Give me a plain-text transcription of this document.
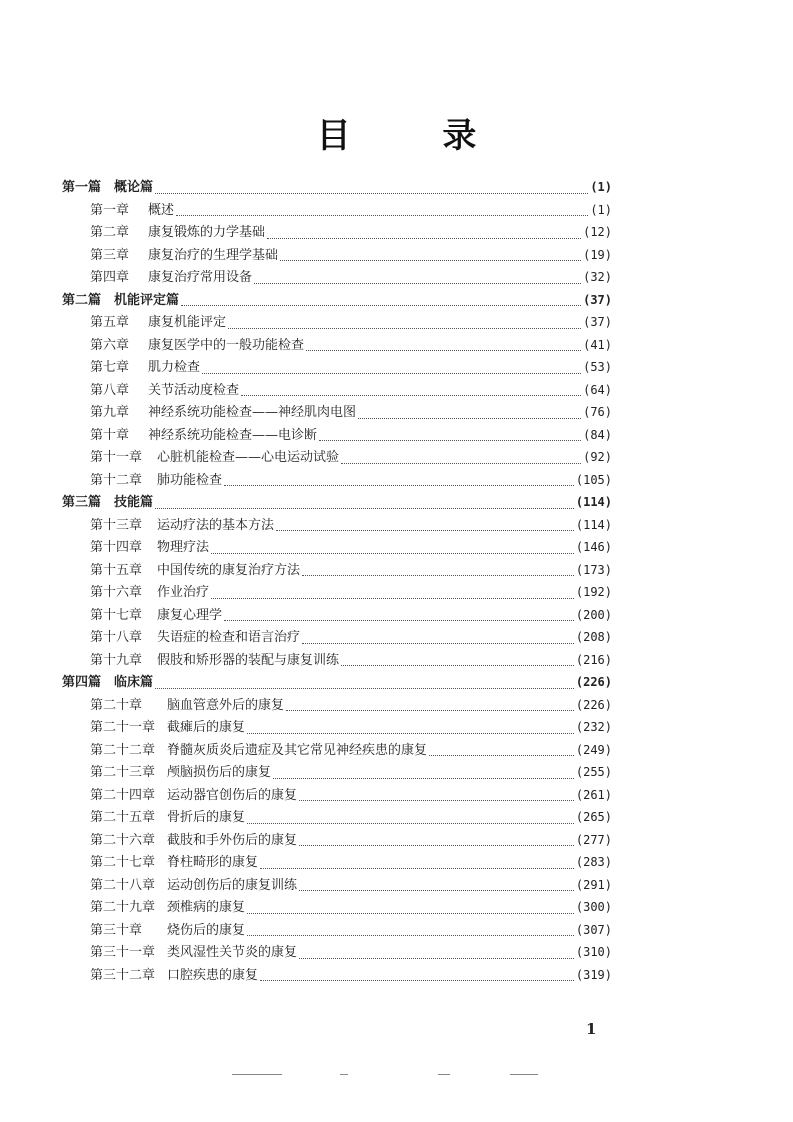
目 录
第一篇 概论篇	(1)
第一章	概述	(1)
第二章	康复锻炼的力学基础	(12)
第三章	康复治疗的生理学基础	(19)
第四章	康复治疗常用设备	(32)
第二篇 机能评定篇	(37)
第五章	康复机能评定	(37)
第六章	康复医学中的一般功能检查	(41)
第七章	肌力检查	(53)
第八章	关节活动度检查	(64)
第九章	神经系统功能检查——神经肌肉电图	(76)
第十章	神经系统功能检查——电诊断	(84)
第十一章	心脏机能检查——心电运动试验	(92)
第十二章	肺功能检查	(105)
第三篇 技能篇	(114)
第十三章	运动疗法的基本方法	(114)
第十四章	物理疗法	(146)
第十五章	中国传统的康复治疗方法	(173)
第十六章	作业治疗	(192)
第十七章	康复心理学	(200)
第十八章	失语症的检查和语言治疗	(208)
第十九章	假肢和矫形器的装配与康复训练	(216)
第四篇 临床篇	(226)
第二十章	脑血管意外后的康复	(226)
第二十一章 截瘫后的康复	(232)
第二十二章 脊髓灰质炎后遗症及其它常见神经疾患的康复	(249)
第二十三章 颅脑损伤后的康复	(255)
第二十四章 运动器官创伤后的康复	(261)
第二十五章 骨折后的康复	(265)
第二十六章 截肢和手外伤后的康复	(277)
第二十七章 脊柱畸形的康复	(283)
第二十八章 运动创伤后的康复训练	(291)
第二十九章 颈椎病的康复	(300)
第三十章	烧伤后的康复	(307)
第三十一章 类风湿性关节炎的康复	(310)
第三十二章 口腔疾患的康复	(319)
1
